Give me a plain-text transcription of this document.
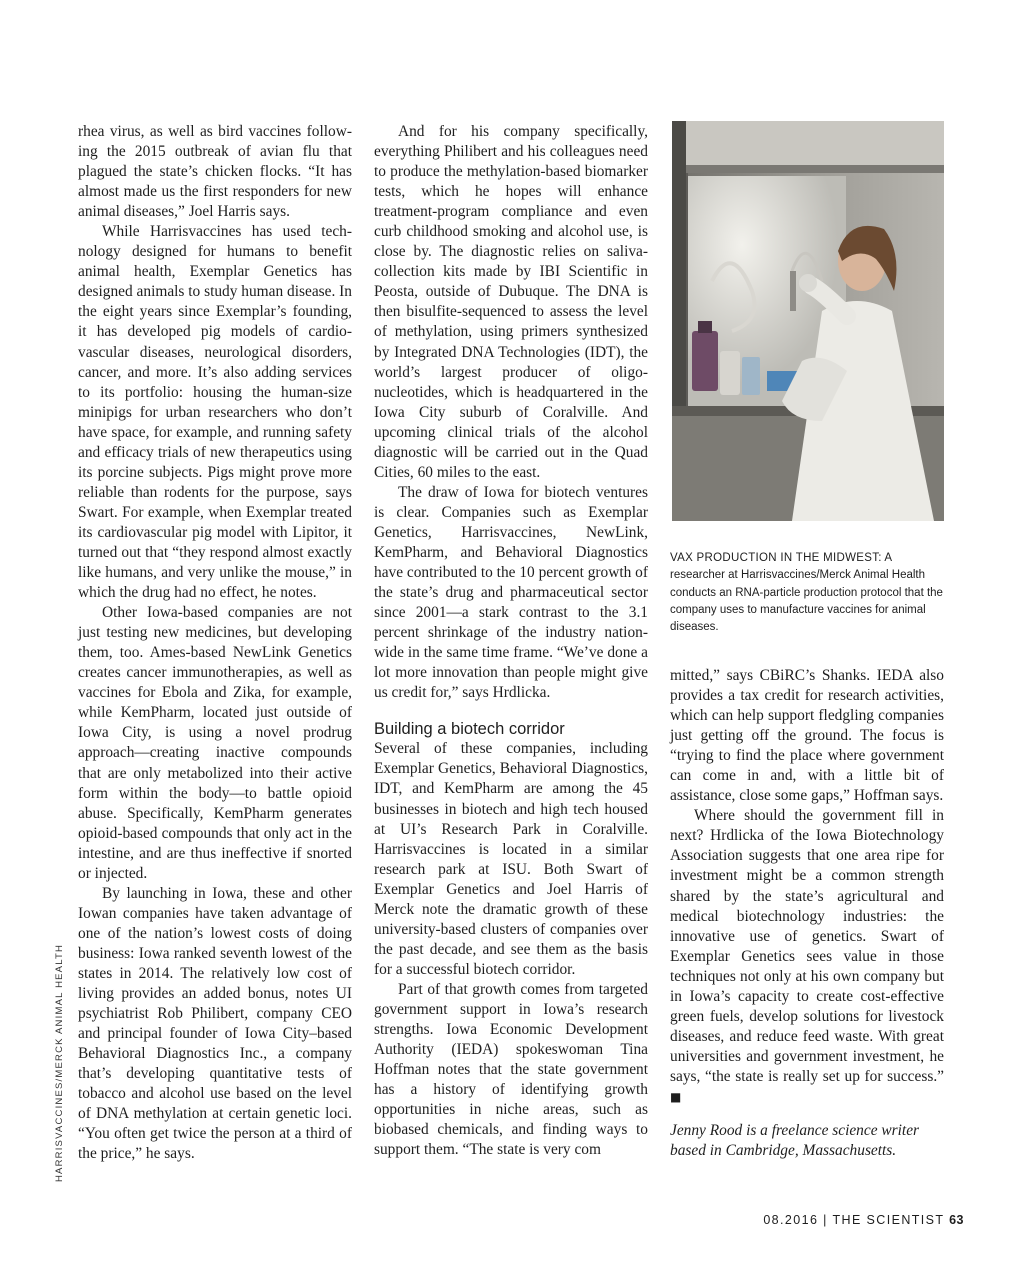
HARRISVACCINES/MERCK ANIMAL HEALTH

rhea virus, as well as bird vaccines following the 2015 outbreak of avian flu that plagued the state’s chicken flocks. “It has almost made us the first responders for new animal diseases,” Joel Harris says.

While Harrisvaccines has used technology designed for humans to benefit animal health, Exemplar Genetics has designed animals to study human disease. In the eight years since Exemplar’s founding, it has developed pig models of cardiovascular diseases, neurological disorders, cancer, and more. It’s also adding services to its portfolio: housing the human-size minipigs for urban researchers who don’t have space, for example, and running safety and efficacy trials of new therapeutics using its porcine subjects. Pigs might prove more reliable than rodents for the purpose, says Swart. For example, when Exemplar treated its cardiovascular pig model with Lipitor, it turned out that “they respond almost exactly like humans, and very unlike the mouse,” in which the drug had no effect, he notes.

Other Iowa-based companies are not just testing new medicines, but developing them, too. Ames-based NewLink Genetics creates cancer immunotherapies, as well as vaccines for Ebola and Zika, for example, while KemPharm, located just outside of Iowa City, is using a novel prodrug approach—creating inactive compounds that are only metabolized into their active form within the body—to battle opioid abuse. Specifically, KemPharm generates opioid-based compounds that only act in the intestine, and are thus ineffective if snorted or injected.

By launching in Iowa, these and other Iowan companies have taken advantage of one of the nation’s lowest costs of doing business: Iowa ranked seventh lowest of the states in 2014. The relatively low cost of living provides an added bonus, notes UI psychiatrist Rob Philibert, company CEO and principal founder of Iowa City–based Behavioral Diagnostics Inc., a company that’s developing quantitative tests of tobacco and alcohol use based on the level of DNA methylation at certain genetic loci. “You often get twice the person at a third of the price,” he says.

And for his company specifically, everything Philibert and his colleagues need to produce the methylation-based biomarker tests, which he hopes will enhance treatment-program compliance and even curb childhood smoking and alcohol use, is close by. The diagnostic relies on saliva-collection kits made by IBI Scientific in Peosta, outside of Dubuque. The DNA is then bisulfite-sequenced to assess the level of methylation, using primers synthesized by Integrated DNA Technologies (IDT), the world’s largest producer of oligonucleotides, which is headquartered in the Iowa City suburb of Coralville. And upcoming clinical trials of the alcohol diagnostic will be carried out in the Quad Cities, 60 miles to the east.

The draw of Iowa for biotech ventures is clear. Companies such as Exemplar Genetics, Harrisvaccines, NewLink, KemPharm, and Behavioral Diagnostics have contributed to the 10 percent growth of the state’s drug and pharmaceutical sector since 2001—a stark contrast to the 3.1 percent shrinkage of the industry nationwide in the same time frame. “We’ve done a lot more innovation than people might give us credit for,” says Hrdlicka.

Building a biotech corridor

Several of these companies, including Exemplar Genetics, Behavioral Diagnostics, IDT, and KemPharm are among the 45 businesses in biotech and high tech housed at UI’s Research Park in Coralville. Harrisvaccines is located in a similar research park at ISU. Both Swart of Exemplar Genetics and Joel Harris of Merck note the dramatic growth of these university-based clusters of companies over the past decade, and see them as the basis for a successful biotech corridor.

Part of that growth comes from targeted government support in Iowa’s research strengths. Iowa Economic Development Authority (IEDA) spokeswoman Tina Hoffman notes that the state government has a history of identifying growth opportunities in niche areas, such as biobased chemicals, and finding ways to support them. “The state is very com

VAX PRODUCTION IN THE MIDWEST: A researcher at Harrisvaccines/Merck Animal Health conducts an RNA-particle production protocol that the company uses to manufacture vaccines for animal diseases.

mitted,” says CBiRC’s Shanks. IEDA also provides a tax credit for research activities, which can help support fledgling companies just getting off the ground. The focus is “trying to find the place where government can come in and, with a little bit of assistance, close some gaps,” Hoffman says.

Where should the government fill in next? Hrdlicka of the Iowa Biotechnology Association suggests that one area ripe for investment might be a common strength shared by the state’s agricultural and medical biotechnology industries: the innovative use of genetics. Swart of Exemplar Genetics sees value in those techniques not only at his own company but in Iowa’s capacity to create cost-effective green fuels, develop solutions for livestock diseases, and reduce feed waste. With great universities and government investment, he says, “the state is really set up for success.” ■

Jenny Rood is a freelance science writer based in Cambridge, Massachusetts.

08.2016 | THE SCIENTIST 63
